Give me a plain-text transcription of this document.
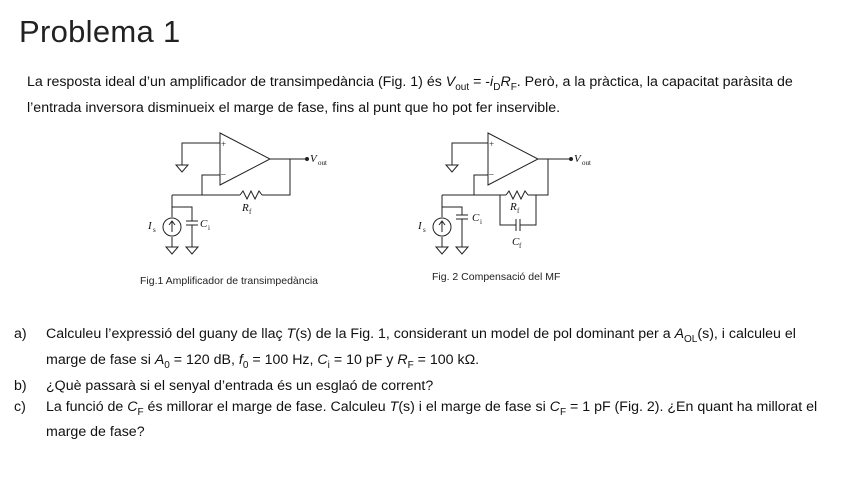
Problema 1
La resposta ideal d’un amplificador de transimpedància (Fig. 1) és $V_{out} = -i_DR_F$. Però, a la pràctica, la capacitat paràsita de l’entrada inversora disminueix el marge de fase, fins al punt que ho pot fer inservible.
+
–
V out
R f
I s	C i
Fig.1 Amplificador de transimpedància
+
–
V out
R f
C f
I s
C i
Fig. 2 Compensació del MF
a)	Calculeu l’expressió del guany de llaç T(s) de la Fig. 1, considerant un model de pol dominant per a $A_{OL}(s)$, i calculeu el marge de fase si $A_0 = 120$ dB, $f_0 = 100$ Hz, $C_i = 10$ pF y $R_F = 100$ kΩ.
b)	¿Què passarà si el senyal d’entrada és un esglaó de corrent?
c)	La funció de $C_F$ és millorar el marge de fase. Calculeu T(s) i el marge de fase si $C_F = 1$ pF (Fig. 2). ¿En quant ha millorat el marge de fase?
